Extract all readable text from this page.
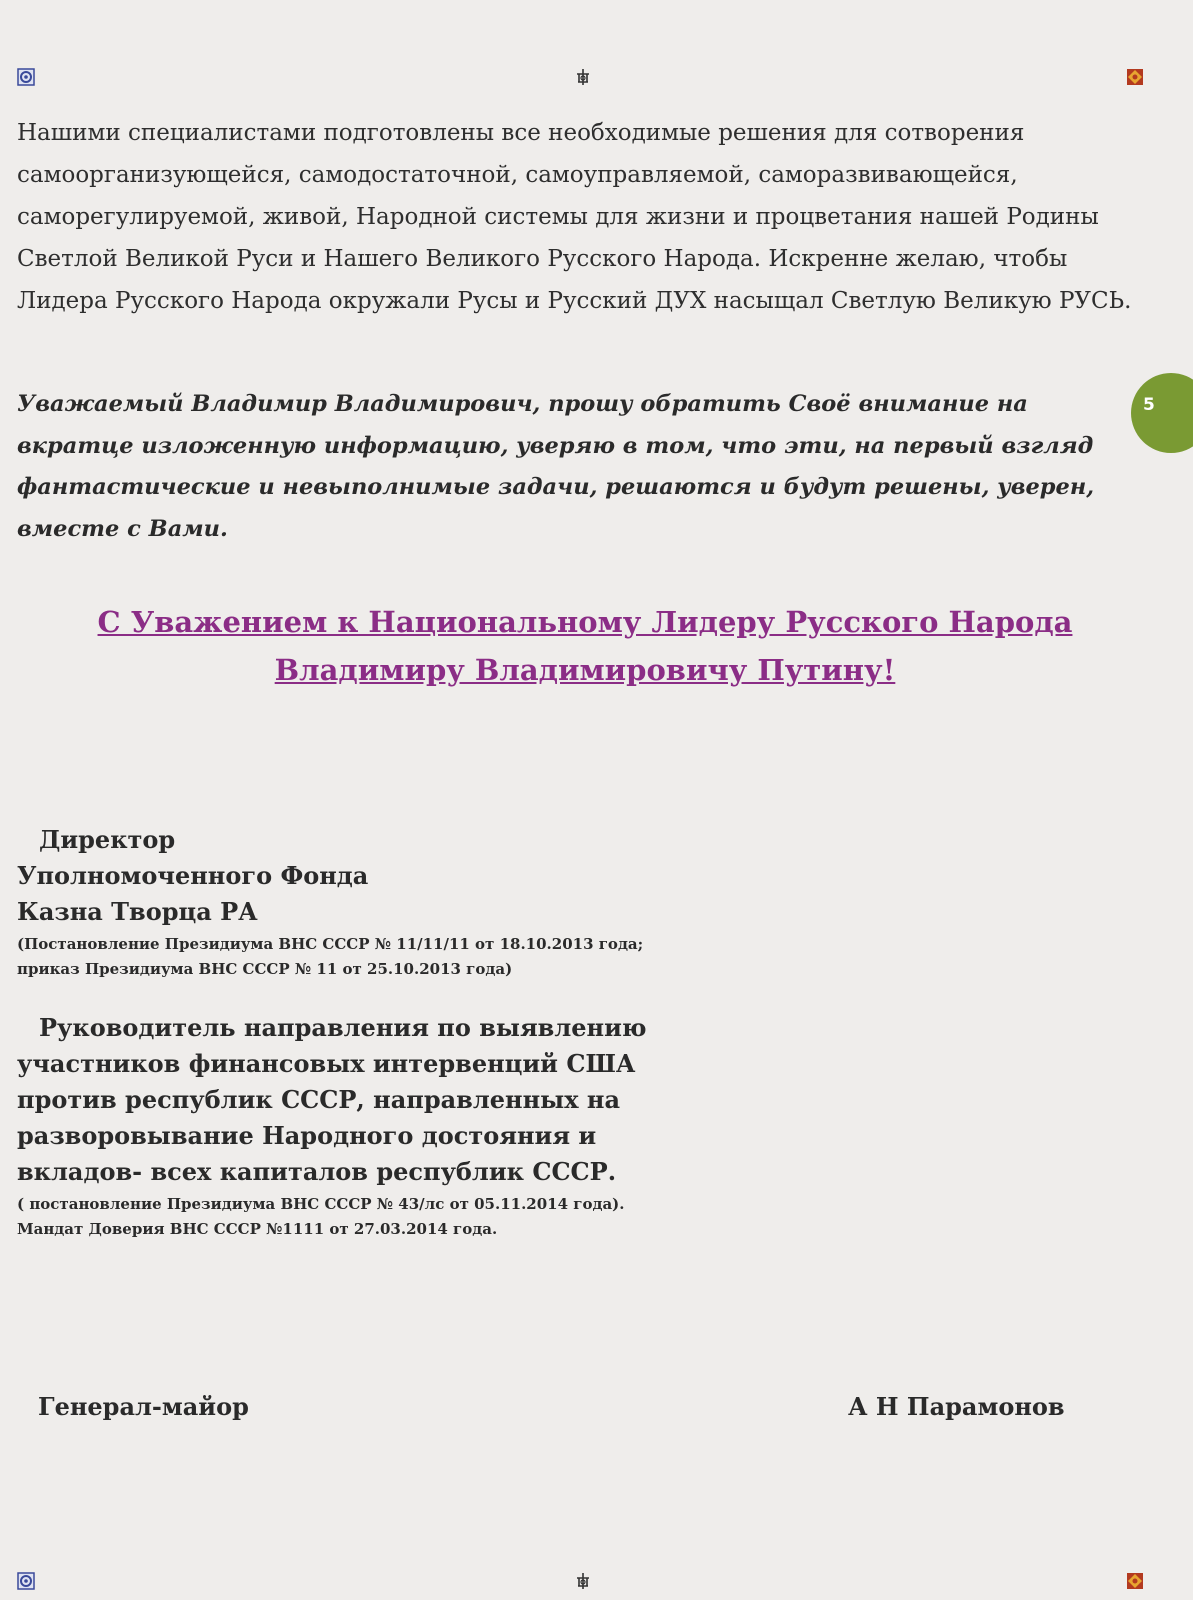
5
Нашими специалистами подготовлены все необходимые решения для сотворения самоорганизующейся, самодостаточной, самоуправляемой, саморазвивающейся, саморегулируемой, живой, Народной системы для жизни и процветания нашей Родины Светлой Великой Руси и Нашего Великого Русского Народа. Искренне желаю, чтобы Лидера Русского Народа окружали Русы и Русский ДУХ насыщал Светлую Великую РУСЬ.
Уважаемый Владимир Владимирович, прошу обратить Своё внимание на вкратце изложенную информацию, уверяю в том, что эти, на первый взгляд фантастические и невыполнимые задачи, решаются и будут решены, уверен, вместе с Вами.
С Уважением к Национальному Лидеру Русского Народа
Владимиру Владимировичу Путину!
Директор
Уполномоченного Фонда
Казна Творца РА
(Постановление Президиума ВНС СССР № 11/11/11 от 18.10.2013 года;
приказ Президиума ВНС СССР № 11 от 25.10.2013 года)
Руководитель направления по выявлению
участников финансовых интервенций США
против республик СССР, направленных на
разворовывание Народного достояния и
вкладов- всех капиталов республик СССР.
( постановление Президиума ВНС СССР № 43/лс от 05.11.2014 года).
Мандат Доверия ВНС СССР №1111 от 27.03.2014 года.
Генерал-майор	А Н Парамонов
